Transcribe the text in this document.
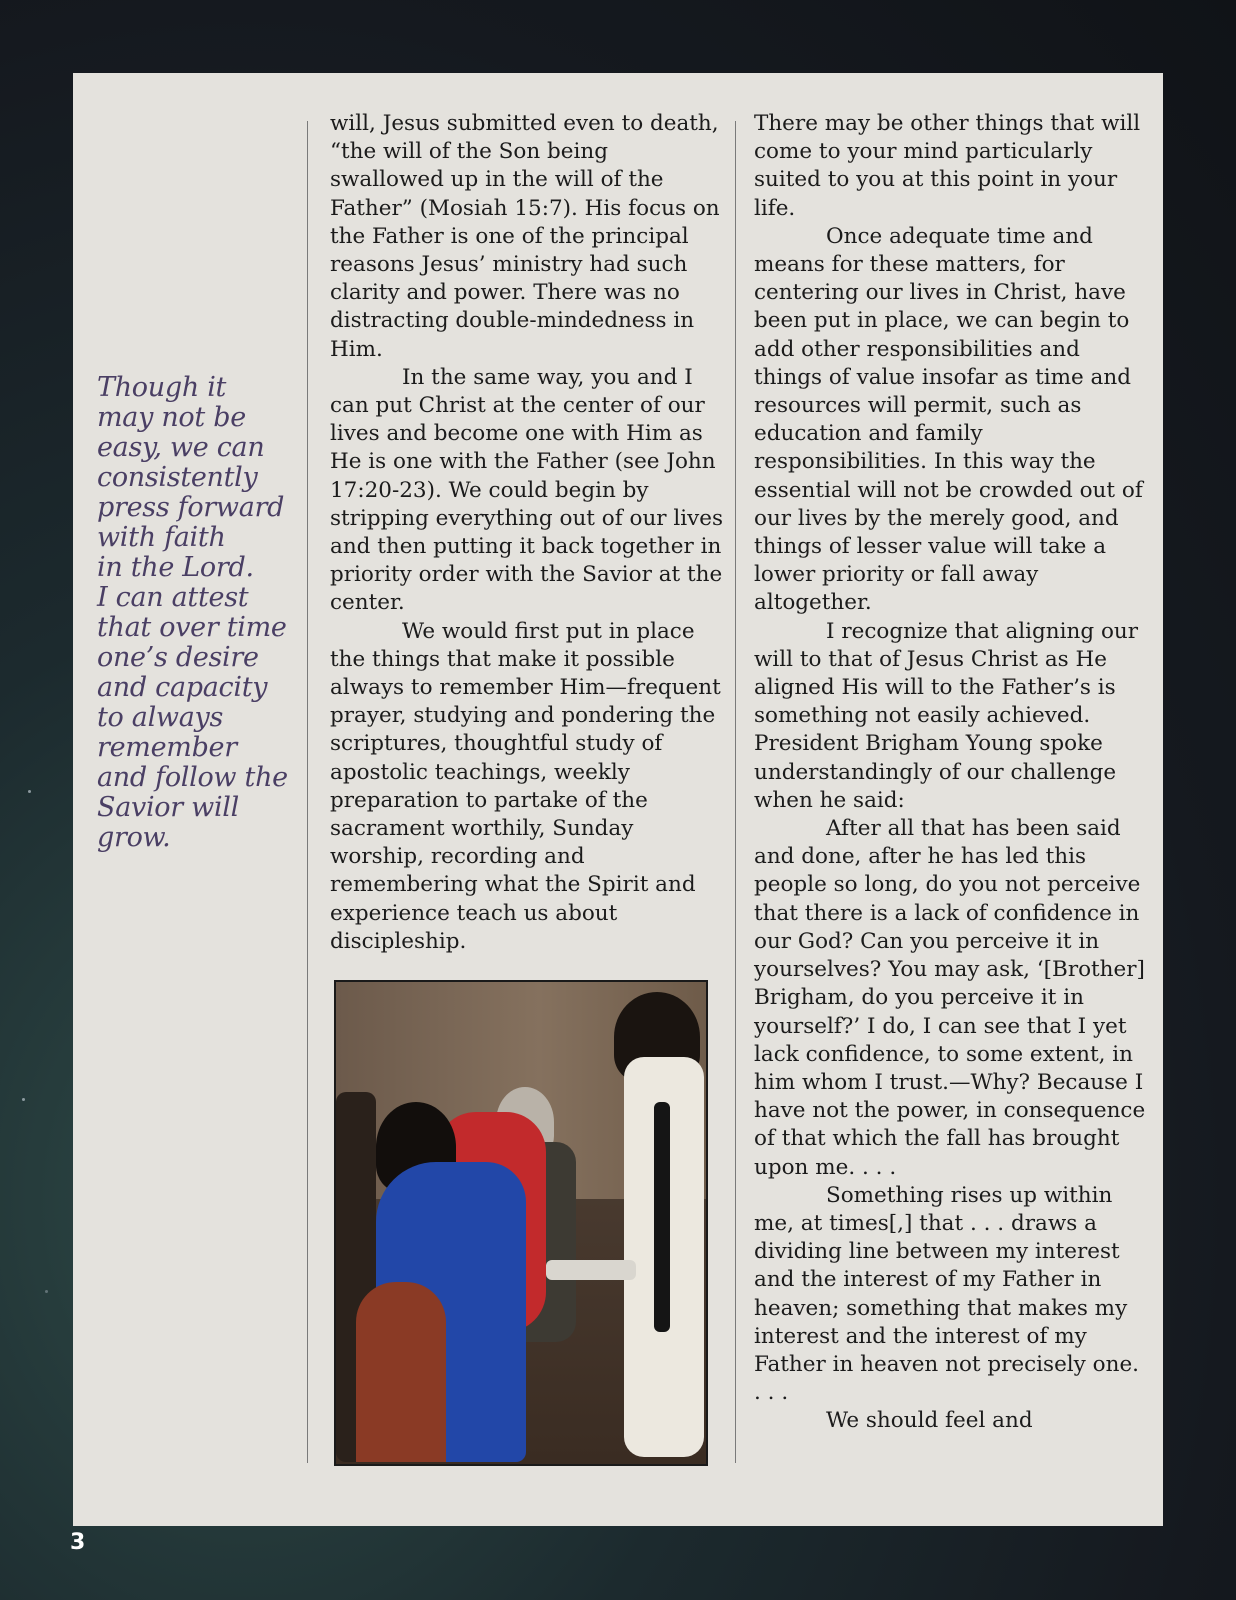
Though it
may not be
easy, we can
consistently
press forward
with faith
in the Lord.
I can attest
that over time
one’s desire
and capacity
to always
remember
and follow the
Savior will
grow.

will, Jesus submitted even to death, “the will of the Son being swallowed up in the will of the Father” (Mosiah 15:7). His focus on the Father is one of the principal reasons Jesus’ ministry had such clarity and power. There was no distracting double-mindedness in Him.

In the same way, you and I can put Christ at the center of our lives and become one with Him as He is one with the Father (see John 17:20-23). We could begin by stripping everything out of our lives and then putting it back together in priority order with the Savior at the center.

We would first put in place the things that make it possible always to remember Him—frequent prayer, studying and pondering the scriptures, thoughtful study of apostolic teachings, weekly preparation to partake of the sacrament worthily, Sunday worship, recording and remembering what the Spirit and experience teach us about discipleship.

There may be other things that will come to your mind particularly suited to you at this point in your life.

Once adequate time and means for these matters, for centering our lives in Christ, have been put in place, we can begin to add other responsibilities and things of value insofar as time and resources will permit, such as education and family responsibilities. In this way the essential will not be crowded out of our lives by the merely good, and things of lesser value will take a lower priority or fall away altogether.

I recognize that aligning our will to that of Jesus Christ as He aligned His will to the Father’s is something not easily achieved. President Brigham Young spoke understandingly of our challenge when he said:

After all that has been said and done, after he has led this people so long, do you not perceive that there is a lack of confidence in our God? Can you perceive it in yourselves? You may ask, ‘[Brother] Brigham, do you perceive it in yourself?’ I do, I can see that I yet lack confidence, to some extent, in him whom I trust.—Why? Because I have not the power, in consequence of that which the fall has brought upon me. . . .

Something rises up within me, at times[,] that . . . draws a dividing line between my interest and the interest of my Father in heaven; something that makes my interest and the interest of my Father in heaven not precisely one. . . .

We should feel and

3
